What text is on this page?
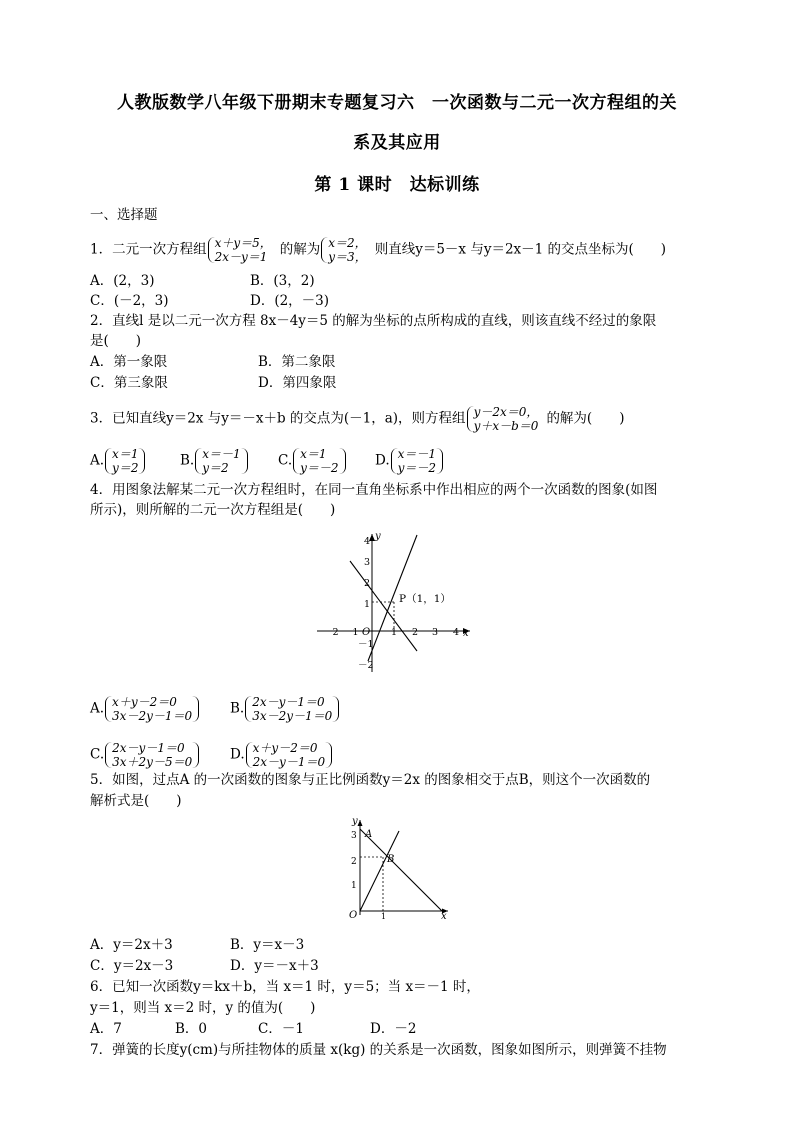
人教版数学八年级下册期末专题复习六　一次函数与二元一次方程组的关
系及其应用
第 1 课时　达标训练
一、选择题
1．二元一次方程组 x＋y＝5，
2x－y＝1 的解为 x＝2，
y＝3， 则直线y＝5－x 与y＝2x－1 的交点坐标为(　　)
A．(2，3)	B．(3，2)
C．(－2，3)	D．(2，－3)
2．直线l 是以二元一次方程 8x－4y＝5 的解为坐标的点所构成的直线，则该直线不经过的象限
是(　　)
A．第一象限	B．第二象限
C．第三象限	D．第四象限
3．已知直线y＝2x 与y＝－x＋b 的交点为(－1，a)，则方程组 y－2x＝0，
y＋x－b＝0 的解为(　　)
A. x＝1
y＝2	B. x＝－1
y＝2	C. x＝1
y＝－2	D. x＝－1
y＝－2
4．用图象法解某二元一次方程组时，在同一直角坐标系中作出相应的两个一次函数的图象(如图
所示)，则所解的二元一次方程组是(　　)
y
x
P（1，1）
－2 －1 O 1 2 3 4
4
3
2
1
－1
－2
A. x＋y－2＝0
3x－2y－1＝0	B. 2x－y－1＝0
3x－2y－1＝0
C. 2x－y－1＝0
3x＋2y－5＝0	D. x＋y－2＝0
2x－y－1＝0
5．如图，过点A 的一次函数的图象与正比例函数y＝2x 的图象相交于点B，则这个一次函数的
解析式是(　　)
A
B
O	x
y
3
2
1
1
A．y＝2x＋3	B．y＝x－3
C．y＝2x－3	D．y＝－x＋3
6．已知一次函数y＝kx＋b，当 x＝1 时，y＝5；当 x＝－1 时，
y＝1，则当 x＝2 时，y 的值为(　　)
A．7	B．0	C．－1	D．－2
7．弹簧的长度y(cm)与所挂物体的质量 x(kg) 的关系是一次函数，图象如图所示，则弹簧不挂物
